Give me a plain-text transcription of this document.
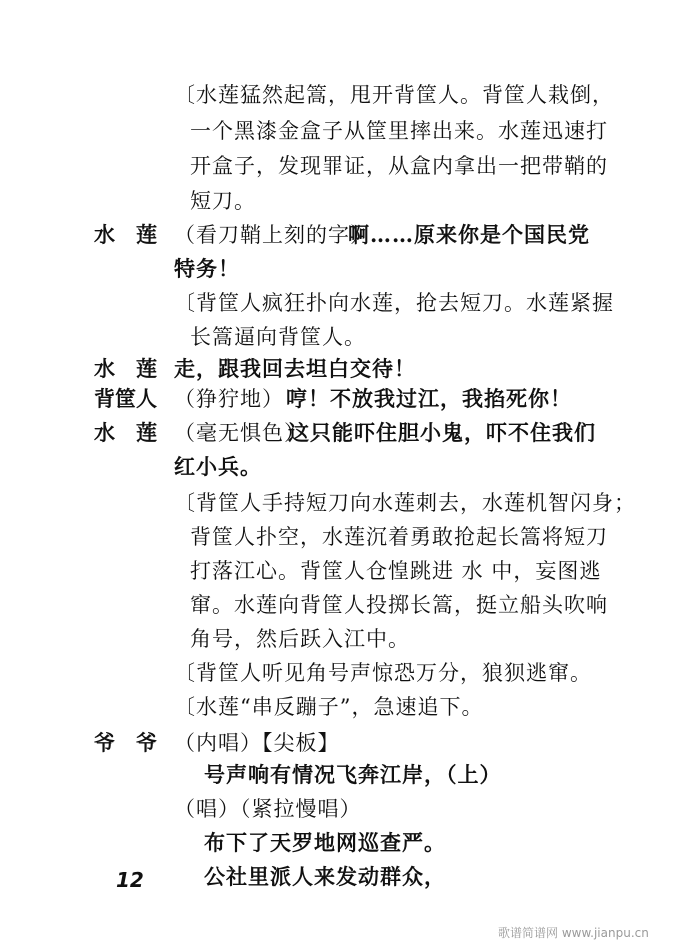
〔水莲猛然起篙，甩开背筐人。背筐人栽倒，
一个黑漆金盒子从筐里摔出来。水莲迅速打
开盒子，发现罪证，从盒内拿出一把带鞘的
短刀。
水　莲 （看刀鞘上刻的字）
啊……原来你是个国民党
特务！
〔背筐人疯狂扑向水莲，抢去短刀。水莲紧握
长篙逼向背筐人。
水　莲 走，跟我回去坦白交待！
背筐人 （狰狞地） 哼！不放我过江，我掐死你！
水　莲 （毫无惧色）
这只能吓住胆小鬼，吓不住我们
红小兵。
〔背筐人手持短刀向水莲刺去，水莲机智闪身；
背筐人扑空，水莲沉着勇敢抢起长篙将短刀
打落江心。背筐人仓惶跳进 水 中，妄图逃
窜。水莲向背筐人投掷长篙，挺立船头吹响
角号，然后跃入江中。
〔背筐人听见角号声惊恐万分，狼狈逃窜。
〔水莲“串反蹦子”，急速追下。
爷　爷 （内唱）【尖板】
号声响有情况飞奔江岸，（上）
（唱）（紧拉慢唱）
布下了天罗地网巡查严。
公社里派人来发动群众，
12
歌谱简谱网 www.jianpu.cn
